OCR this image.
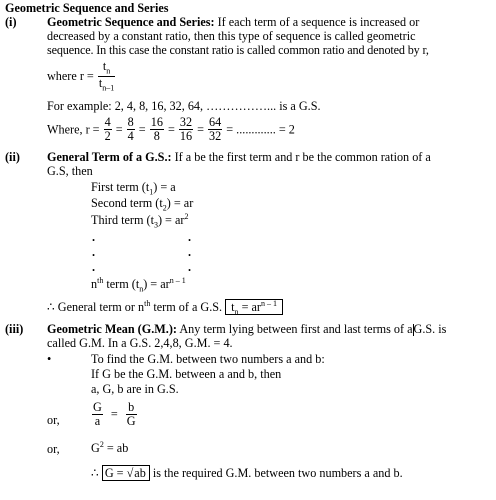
Geometric Sequence and Series
(i) Geometric Sequence and Series: If each term of a sequence is increased or
decreased by a constant ratio, then this type of sequence is called geometric
sequence. In this case the constant ratio is called common ratio and denoted by r,
where $r = \frac{t_n}{t_{n-1}}$
For example: 2, 4, 8, 16, 32, 64, ……………... is a G.S.
Where, $r = \frac{4}{2} = \frac{8}{4} = \frac{16}{8} = \frac{32}{16} = \frac{64}{32}$ = ............. = 2
(ii) General Term of a G.S.: If a be the first term and r be the common ration of a
G.S, then
First term $(t_1) = a$
Second term $(t_2)$ = ar
Third term $(t_3) = ar^2$
.	.
.	.
.	.
$n^{th}$ term $(t_n) = ar^{n - 1}$
∴ General term or $n^{th}$ term of a G.S. $t_n = ar^{n - 1}$
(iii) Geometric Mean (G.M.): Any term lying between first and last terms of aG.S. is
called G.M. In a G.S. 2,4,8, G.M. = 4.
•	To find the G.M. between two numbers a and b:
If G be the G.M. between a and b, then
a, G, b are in G.S.
or,	$\frac{G}{a} = \frac{b}{G}$
or,	$G^2$ = ab
∴ G = √ab is the required G.M. between two numbers a and b.
